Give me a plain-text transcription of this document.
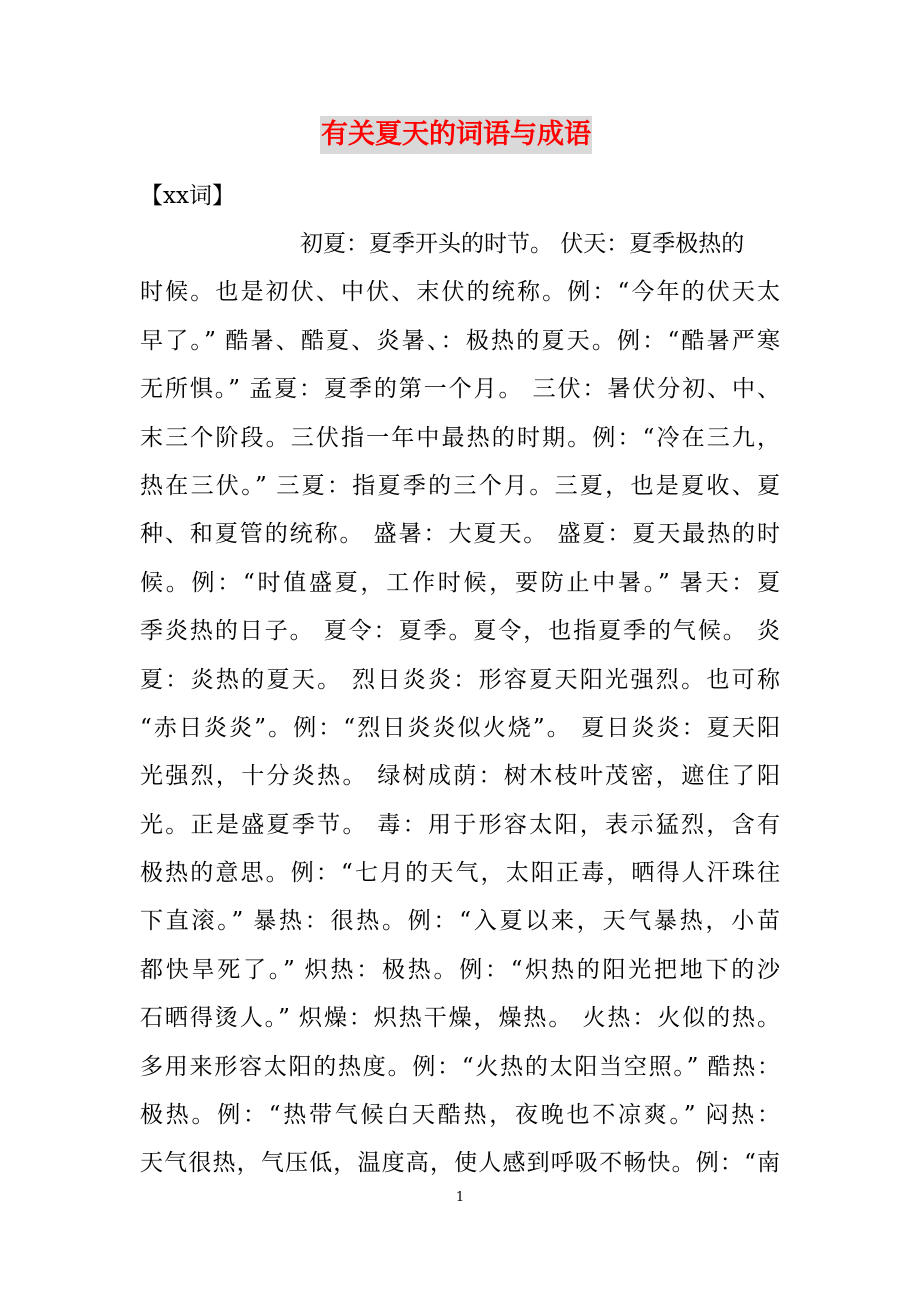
有关夏天的词语与成语
【xx词】
初夏：夏季开头的时节。 伏天：夏季极热的
时候。也是初伏、中伏、末伏的统称。例：“今年的伏天太
早了。” 酷暑、酷夏、炎暑、：极热的夏天。例：“酷暑严寒
无所惧。” 孟夏：夏季的第一个月。 三伏：暑伏分初、中、
末三个阶段。三伏指一年中最热的时期。例：“冷在三九，
热在三伏。” 三夏：指夏季的三个月。三夏，也是夏收、夏
种、和夏管的统称。 盛暑：大夏天。 盛夏：夏天最热的时
候。例：“时值盛夏，工作时候，要防止中暑。” 暑天：夏
季炎热的日子。 夏令：夏季。夏令，也指夏季的气候。 炎
夏：炎热的夏天。 烈日炎炎：形容夏天阳光强烈。也可称
“赤日炎炎”。例：“烈日炎炎似火烧”。 夏日炎炎：夏天阳
光强烈，十分炎热。 绿树成荫：树木枝叶茂密，遮住了阳
光。正是盛夏季节。 毒：用于形容太阳，表示猛烈，含有
极热的意思。例：“七月的天气，太阳正毒，晒得人汗珠往
下直滚。” 暴热：很热。例：“入夏以来，天气暴热，小苗
都快旱死了。” 炽热：极热。例：“炽热的阳光把地下的沙
石晒得烫人。” 炽燥：炽热干燥，燥热。 火热：火似的热。
多用来形容太阳的热度。例：“火热的太阳当空照。” 酷热：
极热。例：“热带气候白天酷热，夜晚也不凉爽。” 闷热：
天气很热，气压低，温度高，使人感到呼吸不畅快。例：“南
1
